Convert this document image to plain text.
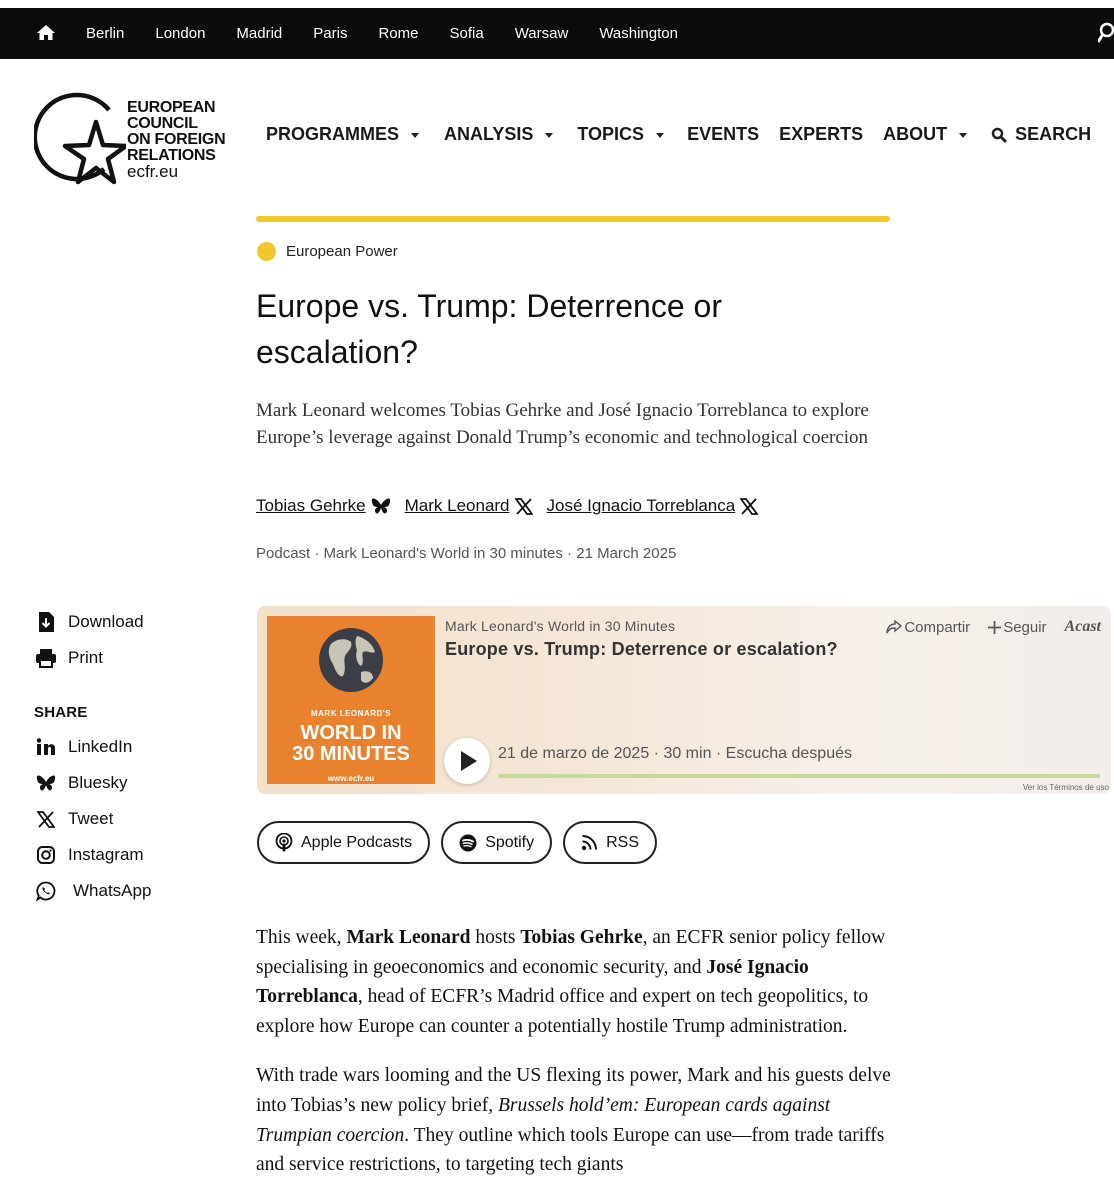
Berlin London Madrid Paris Rome Sofia Warsaw Washington
EUROPEAN
COUNCIL
ON FOREIGN
RELATIONS
ecfr.eu
PROGRAMMES	ANALYSIS TOPICS EVENTS EXPERTS ABOUT	SEARCH
European Power
Europe vs. Trump: Deterrence or escalation?
Mark Leonard welcomes Tobias Gehrke and José Ignacio Torreblanca to explore Europe’s leverage against Donald Trump’s economic and technological coercion
Tobias Gehrke Mark Leonard José Ignacio Torreblanca
Podcast · Mark Leonard's World in 30 minutes · 21 March 2025
Download
Print
SHARE
LinkedIn
Bluesky
Tweet
Instagram
WhatsApp
MARK LEONARD'S
WORLD IN
30 MINUTES
www.ecfr.eu
Mark Leonard's World in 30 Minutes
Europe vs. Trump: Deterrence or escalation?
Compartir Seguir Acast
21 de marzo de 2025 · 30 min · Escucha después
Ver los Términos de uso
Apple Podcasts	Spotify	RSS

This week, Mark Leonard hosts Tobias Gehrke, an ECFR senior policy fellow specialising in geoeconomics and economic security, and José Ignacio Torreblanca, head of ECFR’s Madrid office and expert on tech geopolitics, to explore how Europe can counter a potentially hostile Trump administration.

With trade wars looming and the US flexing its power, Mark and his guests delve into Tobias’s new policy brief, Brussels hold’em: European cards against Trumpian coercion. They outline which tools Europe can use—from trade tariffs and service restrictions, to targeting tech giants
